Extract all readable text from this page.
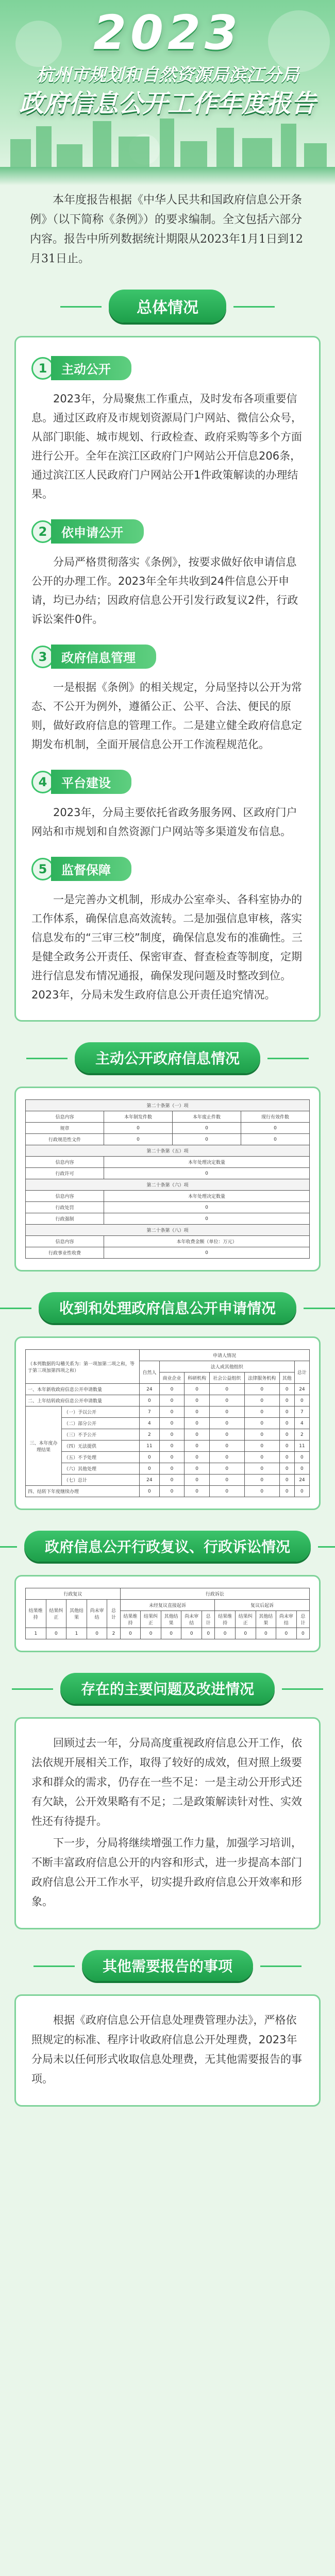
2023
杭州市规划和自然资源局滨江分局
政府信息公开工作年度报告

本年度报告根据《中华人民共和国政府信息公开条例》（以下简称《条例》）的要求编制。全文包括六部分内容。报告中所列数据统计期限从2023年1月1日到12月31日止。

总体情况
1	主动公开

2023年，分局聚焦工作重点，及时发布各项重要信息。通过区政府及市规划资源局门户网站、微信公众号，从部门职能、城市规划、行政检查、政府采购等多个方面进行公开。全年在滨江区政府门户网站公开信息206条，通过滨江区人民政府门户网站公开1件政策解读的办理结果。

2	依申请公开

分局严格贯彻落实《条例》，按要求做好依申请信息公开的办理工作。2023年全年共收到24件信息公开申请，均已办结；因政府信息公开引发行政复议2件，行政诉讼案件0件。

3	政府信息管理

一是根据《条例》的相关规定，分局坚持以公开为常态、不公开为例外，遵循公正、公平、合法、便民的原则，做好政府信息的管理工作。二是建立健全政府信息定期发布机制，全面开展信息公开工作流程规范化。

4	平台建设

2023年，分局主要依托省政务服务网、区政府门户网站和市规划和自然资源门户网站等多渠道发布信息。

5	监督保障

一是完善办文机制，形成办公室牵头、各科室协办的工作体系，确保信息高效流转。二是加强信息审核，落实信息发布的“三审三校”制度，确保信息发布的准确性。三是健全政务公开责任、保密审查、督查检查等制度，定期进行信息发布情况通报，确保发现问题及时整改到位。2023年，分局未发生政府信息公开责任追究情况。

主动公开政府信息情况
第二十条第（一）项			
信息内容	本年制发件数	本年废止件数	现行有效件数
规章	0	0	0
行政规范性文件	0	0	0
第二十条第（五）项			
信息内容	本年处理决定数量		
行政许可	0		
第二十条第（六）项			
信息内容	本年处理决定数量		
行政处罚	0		
行政强制	0		
第二十条第（八）项			
信息内容	本年收费金额（单位：万元）		
行政事业性收费	0		
收到和处理政府信息公开申请情况
（本列数据的勾稽关系为：第一项加第二项之和，等于第三项加第四项之和）		申请人情况						
		自然人	法人或其他组织					总计
			商业企业	科研机构	社会公益组织	法律服务机构	其他	
一、本年新收政府信息公开申请数量		24	0	0	0	0	0	24
二、上年结转政府信息公开申请数量		0	0	0	0	0	0	0
三、本年度办理结果	（一）予以公开	7	0	0	0	0	0	7
	（二）部分公开	4	0	0	0	0	0	4
	（三）不予公开	2	0	0	0	0	0	2
	（四）无法提供	11	0	0	0	0	0	11
	（五）不予处理	0	0	0	0	0	0	0
	（六）其他处理	0	0	0	0	0	0	0
	（七）总计	24	0	0	0	0	0	24
四、结转下年度继续办理		0	0	0	0	0	0	0
政府信息公开行政复议、行政诉讼情况
行政复议					行政诉讼									
结果维持	结果纠正	其他结果	尚未审结	总计	未经复议直接起诉					复议后起诉				
					结果维持	结果纠正	其他结果	尚未审结	总计	结果维持	结果纠正	其他结果	尚未审结	总计
1	0	1	0	2	0	0	0	0	0	0	0	0	0	0
存在的主要问题及改进情况

回顾过去一年，分局高度重视政府信息公开工作，依法依规开展相关工作，取得了较好的成效，但对照上级要求和群众的需求，仍存在一些不足：一是主动公开形式还有欠缺，公开效果略有不足；二是政策解读针对性、实效性还有待提升。

下一步，分局将继续增强工作力量，加强学习培训，不断丰富政府信息公开的内容和形式，进一步提高本部门政府信息公开工作水平，切实提升政府信息公开效率和形象。

其他需要报告的事项

根据《政府信息公开信息处理费管理办法》，严格依照规定的标准、程序计收政府信息公开处理费，2023年分局未以任何形式收取信息处理费，无其他需要报告的事项。
